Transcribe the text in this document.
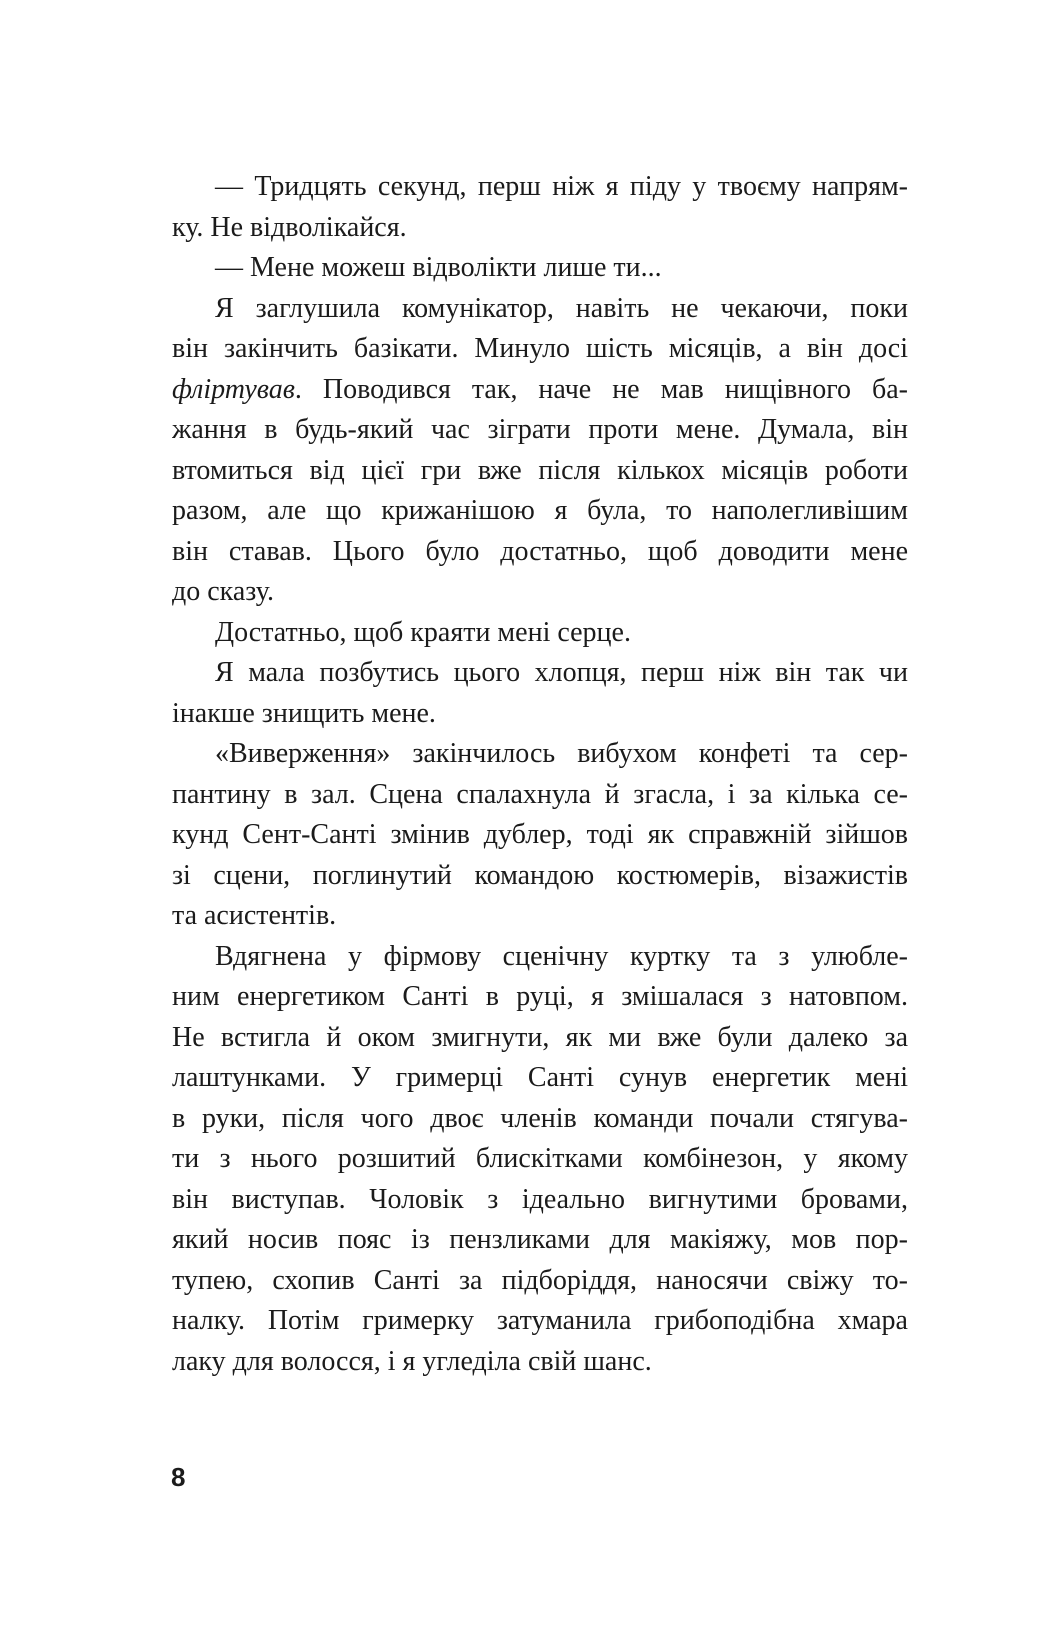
— Тридцять секунд, перш ніж я піду у твоєму напрям-
ку. Не відволікайся.
— Мене можеш відволікти лише ти...
Я заглушила комунікатор, навіть не чекаючи, поки
він закінчить базікати. Минуло шість місяців, а він досі
фліртував. Поводився так, наче не мав нищівного ба-
жання в будь-який час зіграти проти мене. Думала, він
втомиться від цієї гри вже після кількох місяців роботи
разом, але що крижанішою я була, то наполегливішим
він ставав. Цього було достатньо, щоб доводити мене
до сказу.
Достатньо, щоб краяти мені серце.
Я мала позбутись цього хлопця, перш ніж він так чи
інакше знищить мене.
«Виверження» закінчилось вибухом конфеті та сер-
пантину в зал. Сцена спалахнула й згасла, і за кілька се-
кунд Сент-Санті змінив дублер, тоді як справжній зійшов
зі сцени, поглинутий командою костюмерів, візажистів
та асистентів.
Вдягнена у фірмову сценічну куртку та з улюбле-
ним енергетиком Санті в руці, я змішалася з натовпом.
Не встигла й оком змигнути, як ми вже були далеко за
лаштунками. У гримерці Санті сунув енергетик мені
в руки, після чого двоє членів команди почали стягува-
ти з нього розшитий блискітками комбінезон, у якому
він виступав. Чоловік з ідеально вигнутими бровами,
який носив пояс із пензликами для макіяжу, мов пор-
тупею, схопив Санті за підборіддя, наносячи свіжу то-
налку. Потім гримерку затуманила грибоподібна хмара
лаку для волосся, і я угледіла свій шанс.
8
